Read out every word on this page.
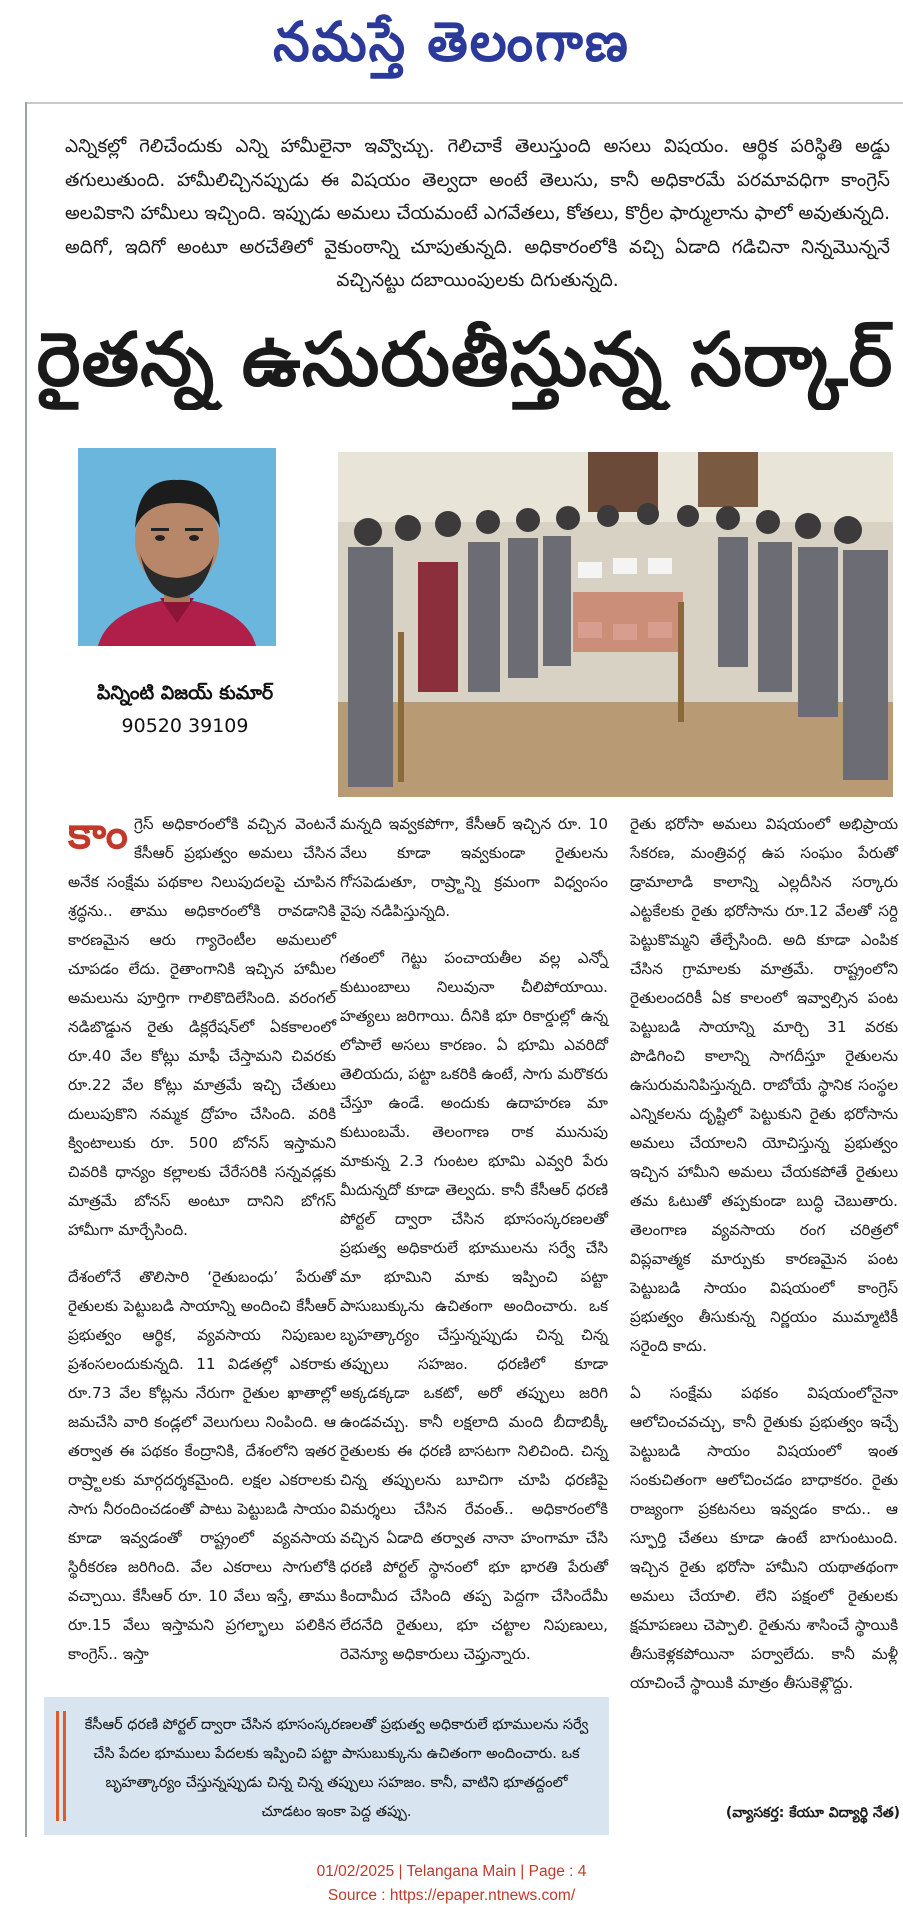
నమస్తే తెలంగాణ
ఎన్నికల్లో గెలిచేందుకు ఎన్ని హామీలైనా ఇవ్వొచ్చు. గెలిచాకే తెలుస్తుంది అసలు విషయం. ఆర్థిక పరిస్థితి అడ్డు తగులుతుంది. హామీలిచ్చినప్పుడు ఈ విషయం తెల్వదా అంటే తెలుసు, కానీ అధికారమే పరమావధిగా కాంగ్రెస్ అలవికాని హామీలు ఇచ్చింది. ఇప్పుడు అమలు చేయమంటే ఎగవేతలు, కోతలు, కొర్రీల ఫార్ములాను ఫాలో అవుతున్నది. అదిగో, ఇదిగో అంటూ అరచేతిలో వైకుంఠాన్ని చూపుతున్నది. అధికారంలోకి వచ్చి ఏడాది గడిచినా నిన్నమొన్ననే వచ్చినట్టు దబాయింపులకు దిగుతున్నది.
రైతన్న ఉసురుతీస్తున్న సర్కార్
పిన్నింటి విజయ్ కుమార్
90520 39109

కాంగ్రెస్ అధికారంలోకి వచ్చిన వెంటనే కేసీఆర్ ప్రభుత్వం అమలు చేసిన అనేక సంక్షేమ పథకాల నిలుపుదలపై చూపిన శ్రద్ధను.. తాము అధికారంలోకి రావడానికి కారణమైన ఆరు గ్యారెంటీల అమలులో చూపడం లేదు. రైతాంగానికి ఇచ్చిన హామీల అమలును పూర్తిగా గాలికొదిలేసింది. వరంగల్ నడిబొడ్డున రైతు డిక్లరేషన్‌లో ఏకకాలంలో రూ.40 వేల కోట్లు మాఫీ చేస్తామని చివరకు రూ.22 వేల కోట్లు మాత్రమే ఇచ్చి చేతులు దులుపుకొని నమ్మక ద్రోహం చేసింది. వరికి క్వింటాలుకు రూ. 500 బోనస్ ఇస్తామని చివరికి ధాన్యం కల్లాలకు చేరేసరికి సన్నవడ్లకు మాత్రమే బోనస్ అంటూ దానిని బోగస్ హామీగా మార్చేసింది.

దేశంలోనే తొలిసారి ‘రైతుబంధు’ పేరుతో రైతులకు పెట్టుబడి సాయాన్ని అందించి కేసీఆర్ ప్రభుత్వం ఆర్థిక, వ్యవసాయ నిపుణుల ప్రశంసలందుకున్నది. 11 విడతల్లో ఎకరాకు రూ.73 వేల కోట్లను నేరుగా రైతుల ఖాతాల్లో జమచేసి వారి కండ్లలో వెలుగులు నింపింది. ఆ తర్వాత ఈ పథకం కేంద్రానికి, దేశంలోని ఇతర రాష్ర్టాలకు మార్గదర్శకమైంది. లక్షల ఎకరాలకు సాగు నీరందించడంతో పాటు పెట్టుబడి సాయం కూడా ఇవ్వడంతో రాష్ట్రంలో వ్యవసాయ స్థిరీకరణ జరిగింది. వేల ఎకరాలు సాగులోకి వచ్చాయి. కేసీఆర్ రూ. 10 వేలు ఇస్తే, తాము రూ.15 వేలు ఇస్తామని ప్రగల్భాలు పలికిన కాంగ్రెస్.. ఇస్తా

మన్నది ఇవ్వకపోగా, కేసీఆర్ ఇచ్చిన రూ. 10 వేలు కూడా ఇవ్వకుండా రైతులను గోసపెడుతూ, రాష్ర్టాన్ని క్రమంగా విధ్వంసం వైపు నడిపిస్తున్నది.

గతంలో గెట్టు పంచాయతీల వల్ల ఎన్నో కుటుంబాలు నిలువునా చీలిపోయాయి. హత్యలు జరిగాయి. దీనికి భూ రికార్డుల్లో ఉన్న లోపాలే అసలు కారణం. ఏ భూమి ఎవరిదో తెలియదు, పట్టా ఒకరికి ఉంటే, సాగు మరొకరు చేస్తూ ఉండే. అందుకు ఉదాహరణ మా కుటుంబమే. తెలంగాణ రాక మునుపు మాకున్న 2.3 గుంటల భూమి ఎవ్వరి పేరు మీదున్నదో కూడా తెల్వదు. కానీ కేసీఆర్ ధరణి పోర్టల్ ద్వారా చేసిన భూసంస్కరణలతో ప్రభుత్వ అధికారులే భూములను సర్వే చేసి మా భూమిని మాకు ఇప్పించి పట్టా పాసుబుక్కును ఉచితంగా అందించారు. ఒక బృహత్కార్యం చేస్తున్నప్పుడు చిన్న చిన్న తప్పులు సహజం. ధరణిలో కూడా అక్కడక్కడా ఒకటో, అరో తప్పులు జరిగి ఉండవచ్చు. కానీ లక్షలాది మంది బీదాబిక్కీ రైతులకు ఈ ధరణి బాసటగా నిలిచింది. చిన్న చిన్న తప్పులను బూచిగా చూపి ధరణిపై విమర్శలు చేసిన రేవంత్.. అధికారంలోకి వచ్చిన ఏడాది తర్వాత నానా హంగామా చేసి ధరణి పోర్టల్ స్థానంలో భూ భారతి పేరుతో కిందామీద చేసింది తప్ప పెద్దగా చేసిందేమీ లేదనేది రైతులు, భూ చట్టాల నిపుణులు, రెవెన్యూ అధికారులు చెప్తున్నారు.

రైతు భరోసా అమలు విషయంలో అభిప్రాయ సేకరణ, మంత్రివర్గ ఉప సంఘం పేరుతో డ్రామాలాడి కాలాన్ని ఎల్లదీసిన సర్కారు ఎట్టకేలకు రైతు భరోసాను రూ.12 వేలతో సర్ది పెట్టుకొమ్మని తేల్చేసింది. అది కూడా ఎంపిక చేసిన గ్రామాలకు మాత్రమే. రాష్ట్రంలోని రైతులందరికీ ఏక కాలంలో ఇవ్వాల్సిన పంట పెట్టుబడి సాయాన్ని మార్చి 31 వరకు పొడిగించి కాలాన్ని సాగదీస్తూ రైతులను ఉసురుమనిపిస్తున్నది. రాబోయే స్థానిక సంస్థల ఎన్నికలను దృష్టిలో పెట్టుకుని రైతు భరోసాను అమలు చేయాలని యోచిస్తున్న ప్రభుత్వం ఇచ్చిన హామీని అమలు చేయకపోతే రైతులు తమ ఓటుతో తప్పకుండా బుద్ధి చెబుతారు. తెలంగాణ వ్యవసాయ రంగ చరిత్రలో విప్లవాత్మక మార్పుకు కారణమైన పంట పెట్టుబడి సాయం విషయంలో కాంగ్రెస్ ప్రభుత్వం తీసుకున్న నిర్ణయం ముమ్మాటికీ సరైంది కాదు.

ఏ సంక్షేమ పథకం విషయంలోనైనా ఆలోచించవచ్చు, కానీ రైతుకు ప్రభుత్వం ఇచ్చే పెట్టుబడి సాయం విషయంలో ఇంత సంకుచితంగా ఆలోచించడం బాధాకరం. రైతు రాజ్యంగా ప్రకటనలు ఇవ్వడం కాదు.. ఆ స్ఫూర్తి చేతలు కూడా ఉంటే బాగుంటుంది. ఇచ్చిన రైతు భరోసా హామీని యథాతథంగా అమలు చేయాలి. లేని పక్షంలో రైతులకు క్షమాపణలు చెప్పాలి. రైతును శాసించే స్థాయికి తీసుకెళ్లకపోయినా పర్వాలేదు. కానీ మళ్లీ యాచించే స్థాయికి మాత్రం తీసుకెళ్లొద్దు.

కేసీఆర్ ధరణి పోర్టల్ ద్వారా చేసిన భూసంస్కరణలతో ప్రభుత్వ అధికారులే భూములను సర్వే చేసి పేదల భూములు పేదలకు ఇప్పించి పట్టా పాసుబుక్కును ఉచితంగా అందించారు. ఒక బృహత్కార్యం చేస్తున్నప్పుడు చిన్న చిన్న తప్పులు సహజం. కానీ, వాటిని భూతద్దంలో చూడటం ఇంకా పెద్ద తప్పు.	(వ్యాసకర్త: కేయూ విద్యార్థి నేత)
01/02/2025 | Telangana Main | Page : 4
Source : https://epaper.ntnews.com/
